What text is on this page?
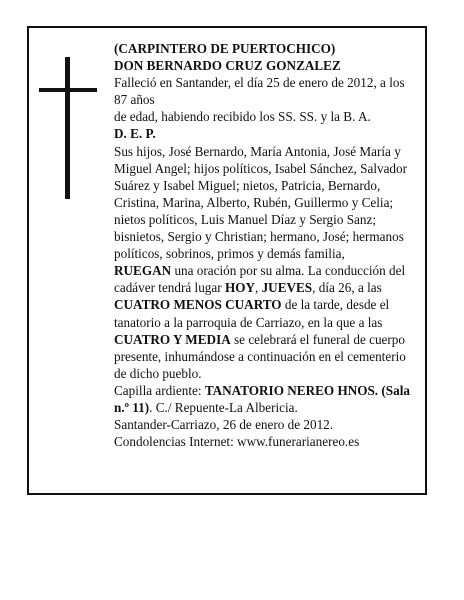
(CARPINTERO DE PUERTOCHICO)

DON BERNARDO CRUZ GONZALEZ

Falleció en Santander, el día 25 de enero de 2012, a los 87 años

de edad, habiendo recibido los SS. SS. y la B. A.

D. E. P.

Sus hijos, José Bernardo, María Antonia, José María y Miguel Angel; hijos políticos, Isabel Sánchez, Salvador Suárez y Isabel Miguel; nietos, Patricia, Bernardo, Cristina, Marina, Alberto, Rubén, Guillermo y Celia; nietos políticos, Luis Manuel Díaz y Sergio Sanz; bisnietos, Sergio y Christian; hermano, José; hermanos políticos, sobrinos, primos y demás familia,

RUEGAN una oración por su alma. La conducción del cadáver tendrá lugar HOY, JUEVES, día 26, a las CUATRO MENOS CUARTO de la tarde, desde el tanatorio a la parroquia de Carriazo, en la que a las CUATRO Y MEDIA se celebrará el funeral de cuerpo presente, inhumándose a continuación en el cementerio de dicho pueblo.

Capilla ardiente: TANATORIO NEREO HNOS. (Sala n.º 11). C./ Repuente-La Albericia.

Santander-Carriazo, 26 de enero de 2012.

Condolencias Internet: www.funerarianereo.es
